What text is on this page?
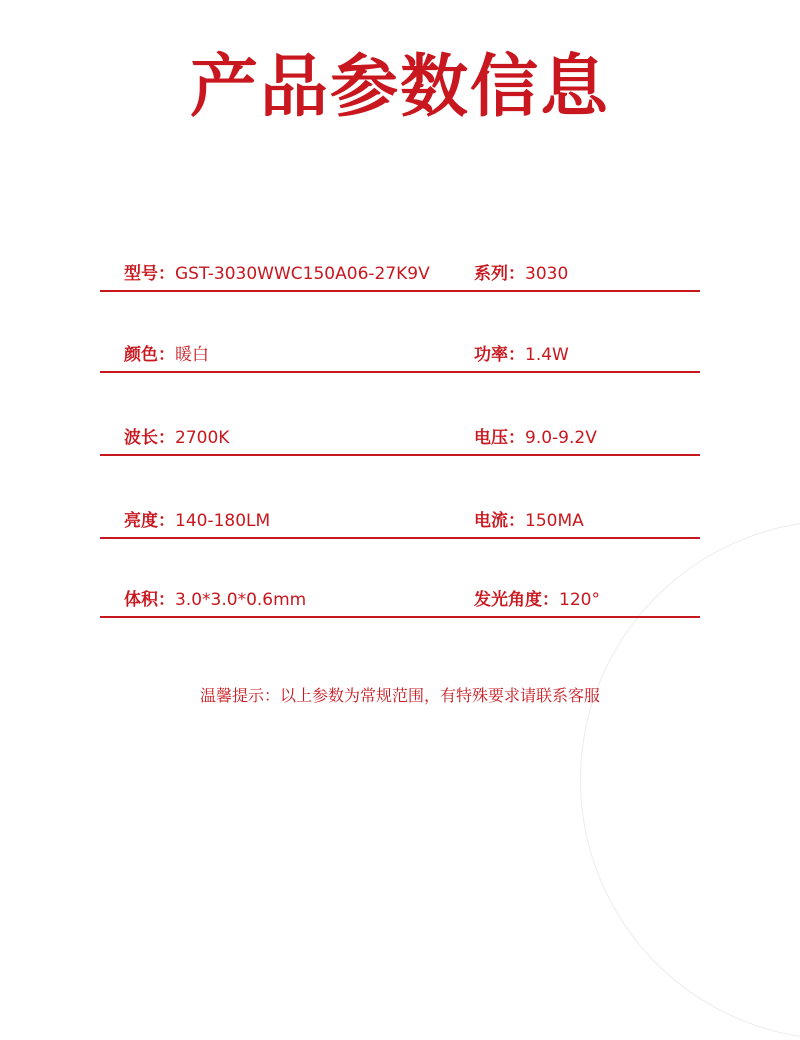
产品参数信息
型号：GST-3030WWC150A06-27K9V	系列：3030
颜色：暖白	功率：1.4W
波长：2700K	电压：9.0-9.2V
亮度：140-180LM	电流：150MA
体积：3.0*3.0*0.6mm	发光角度：120°
温馨提示：以上参数为常规范围，有特殊要求请联系客服
